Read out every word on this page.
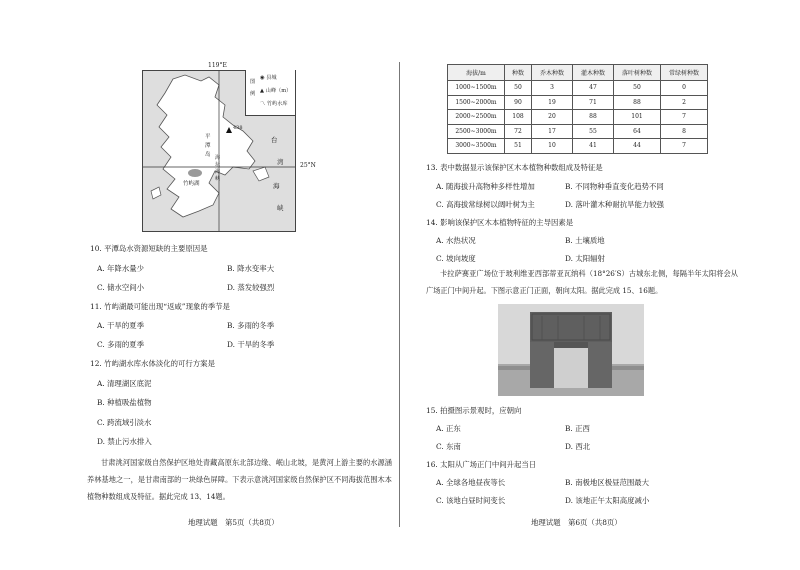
438
竹屿湖
平
潭
岛 海
坛
海
峡
台
湾
海
峡
119°E
25°N
图
例
◉ 县城
▲ 山峰（m）
〽 竹屿水库
10. 平潭岛水资源短缺的主要原因是
A. 年降水量少	B. 降水变率大
C. 储水空间小	D. 蒸发较强烈
11. 竹屿湖最可能出现“返咸”现象的季节是
A. 干旱的夏季	B. 多雨的冬季
C. 多雨的夏季	D. 干旱的冬季
12. 竹屿湖水库水体淡化的可行方案是
A. 清理湖区底泥
B. 种植吸盐植物
C. 跨流域引淡水
D. 禁止污水排入
甘肃洮河国家级自然保护区地处青藏高原东北部边缘、岷山北坡，是黄河上游主要的水源涵养林基地之一，是甘肃南部的一块绿色屏障。下表示意洮河国家级自然保护区不同海拔范围木本植物种数组成及特征。据此完成 13、14题。
地理试题　第5页（共8页）
海拔/m	种数	乔木种数	灌木种数	落叶树种数	常绿树种数
1000~1500m	50	3	47	50	0
1500~2000m	90	19	71	88	2
2000~2500m	108	20	88	101	7
2500~3000m	72	17	55	64	8
3000~3500m	51	10	41	44	7
13. 表中数据显示该保护区木本植物种数组成及特征是
A. 随海拔升高物种多样性增加	B. 不同物种垂直变化趋势不同
C. 高海拔常绿树以阔叶树为主	D. 落叶灌木种耐抗旱能力较强
14. 影响该保护区木本植物特征的主导因素是
A. 水热状况	B. 土壤质地
C. 坡向坡度	D. 太阳辐射
卡拉萨赛亚广场位于玻利维亚西部蒂亚瓦纳科（18°26′S）古城东北侧，每隔半年太阳将会从广场正门中间升起。下图示意正门正面，朝向太阳。据此完成 15、16题。
15. 拍摄图示景观时，应朝向
A. 正东	B. 正西
C. 东南	D. 西北
16. 太阳从广场正门中间升起当日
A. 全球各地昼夜等长	B. 南极地区极昼范围最大
C. 该地白昼时间变长	D. 该地正午太阳高度减小
地理试题　第6页（共8页）
